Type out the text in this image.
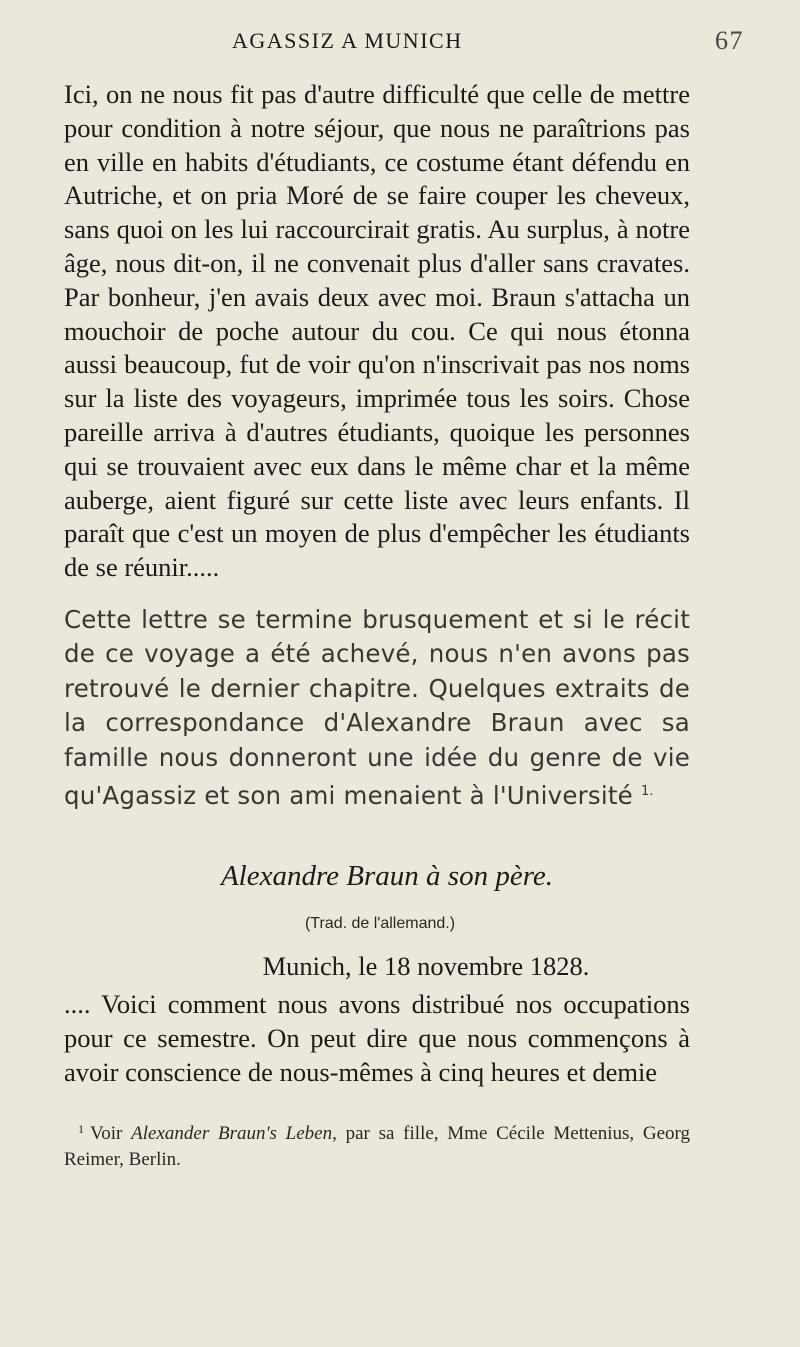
AGASSIZ A MUNICH	67

Ici, on ne nous fit pas d'autre difficulté que celle de mettre pour condition à notre séjour, que nous ne paraîtrions pas en ville en habits d'étudiants, ce costume étant défendu en Autriche, et on pria Moré de se faire couper les cheveux, sans quoi on les lui raccourcirait gratis. Au surplus, à notre âge, nous dit-on, il ne convenait plus d'aller sans cravates. Par bonheur, j'en avais deux avec moi. Braun s'attacha un mouchoir de poche autour du cou. Ce qui nous étonna aussi beaucoup, fut de voir qu'on n'inscrivait pas nos noms sur la liste des voyageurs, imprimée tous les soirs. Chose pareille arriva à d'autres étudiants, quoique les personnes qui se trouvaient avec eux dans le même char et la même auberge, aient figuré sur cette liste avec leurs enfants. Il paraît que c'est un moyen de plus d'empêcher les étudiants de se réunir.....

Cette lettre se termine brusquement et si le récit de ce voyage a été achevé, nous n'en avons pas retrouvé le dernier chapitre. Quelques extraits de la correspondance d'Alexandre Braun avec sa famille nous donneront une idée du genre de vie qu'Agassiz et son ami menaient à l'Université $^{1.}$

Alexandre Braun à son père.

(Trad. de l'allemand.)

Munich, le 18 novembre 1828.

.... Voici comment nous avons distribué nos occupations pour ce semestre. On peut dire que nous commençons à avoir conscience de nous-mêmes à cinq heures et demie

$^1$ Voir Alexander Braun's Leben, par sa fille, Mme Cécile Mettenius, Georg Reimer, Berlin.
